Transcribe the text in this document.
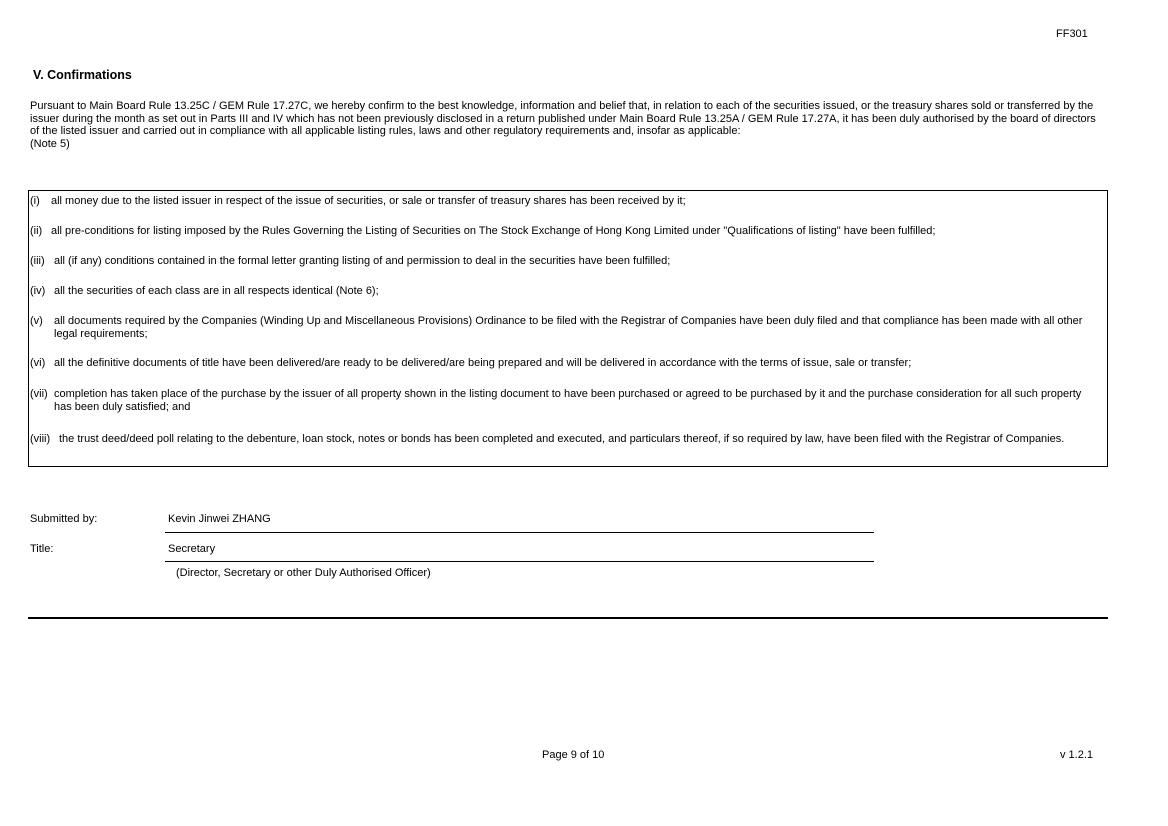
FF301
V. Confirmations

Pursuant to Main Board Rule 13.25C / GEM Rule 17.27C, we hereby confirm to the best knowledge, information and belief that, in relation to each of the securities issued, or the treasury shares sold or transferred by the issuer during the month as set out in Parts III and IV which has not been previously disclosed in a return published under Main Board Rule 13.25A / GEM Rule 17.27A, it has been duly authorised by the board of directors of the listed issuer and carried out in compliance with all applicable listing rules, laws and other regulatory requirements and, insofar as applicable:

(Note 5)

(i)	all money due to the listed issuer in respect of the issue of securities, or sale or transfer of treasury shares has been received by it;
(ii) all pre-conditions for listing imposed by the Rules Governing the Listing of Securities on The Stock Exchange of Hong Kong Limited under "Qualifications of listing" have been fulfilled;
(iii) all (if any) conditions contained in the formal letter granting listing of and permission to deal in the securities have been fulfilled;
(iv) all the securities of each class are in all respects identical (Note 6);
(v)	all documents required by the Companies (Winding Up and Miscellaneous Provisions) Ordinance to be filed with the Registrar of Companies have been duly filed and that compliance has been made with all other legal requirements;
(vi) all the definitive documents of title have been delivered/are ready to be delivered/are being prepared and will be delivered in accordance with the terms of issue, sale or transfer;
(vii) completion has taken place of the purchase by the issuer of all property shown in the listing document to have been purchased or agreed to be purchased by it and the purchase consideration for all such property has been duly satisfied; and
(viii) the trust deed/deed poll relating to the debenture, loan stock, notes or bonds has been completed and executed, and particulars thereof, if so required by law, have been filed with the Registrar of Companies.
Submitted by:	Kevin Jinwei ZHANG
Title:	Secretary
(Director, Secretary or other Duly Authorised Officer)
Page 9 of 10	v 1.2.1
